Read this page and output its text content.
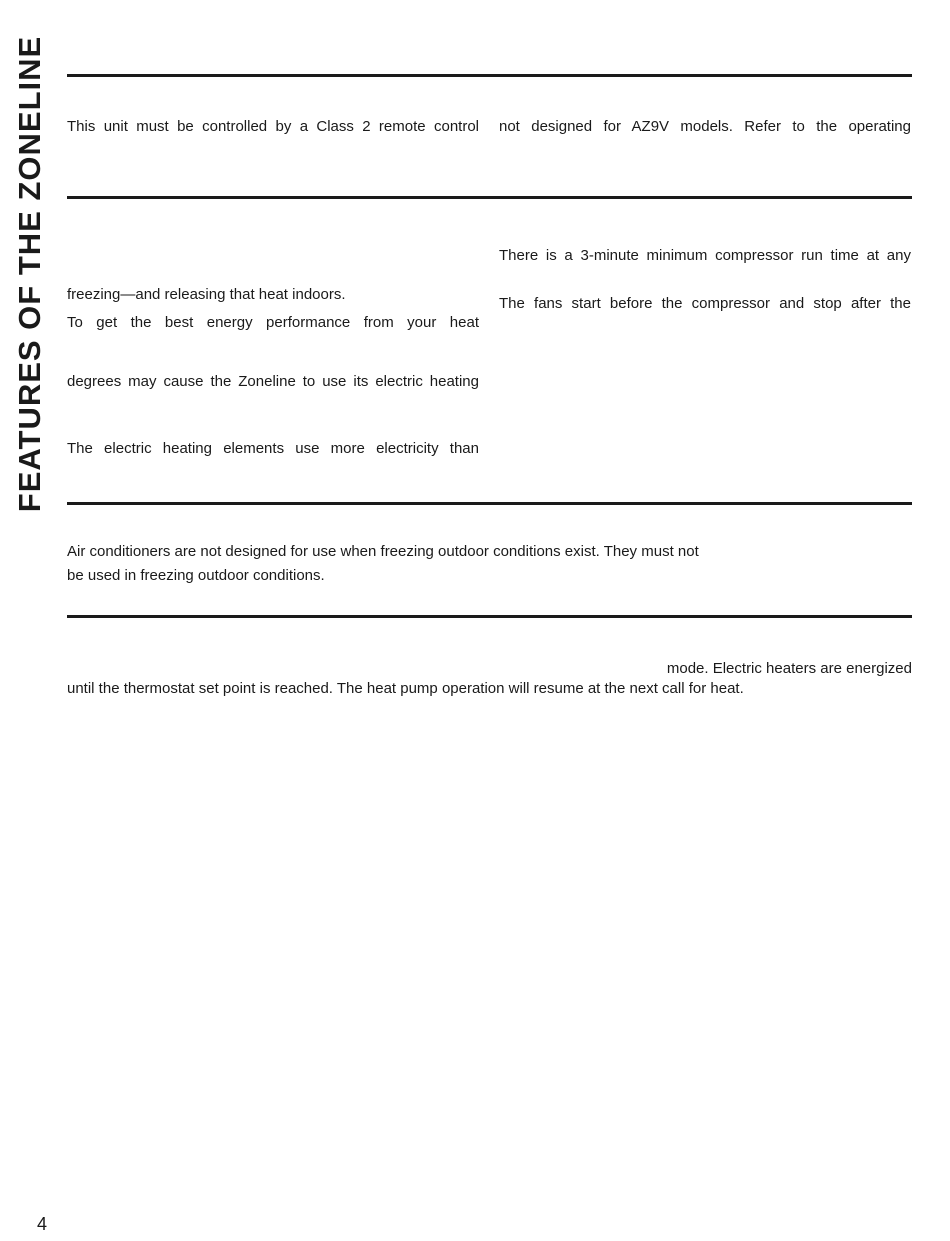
FEATURES OF THE ZONELINE This unit must be controlled by a Class 2 remote control not designed for AZ9V models. Refer to the operating
There is a 3-minute minimum compressor run time at any
freezing—and releasing that heat indoors.
The fans start before the compressor and stop after the
To get the best energy performance from your heat
degrees may cause the Zoneline to use its electric heating
The electric heating elements use more electricity than
Air conditioners are not designed for use when freezing outdoor conditions exist. They must not
be used in freezing outdoor conditions.
mode. Electric heaters are energized
until the thermostat set point is reached. The heat pump operation will resume at the next call for heat.
4
